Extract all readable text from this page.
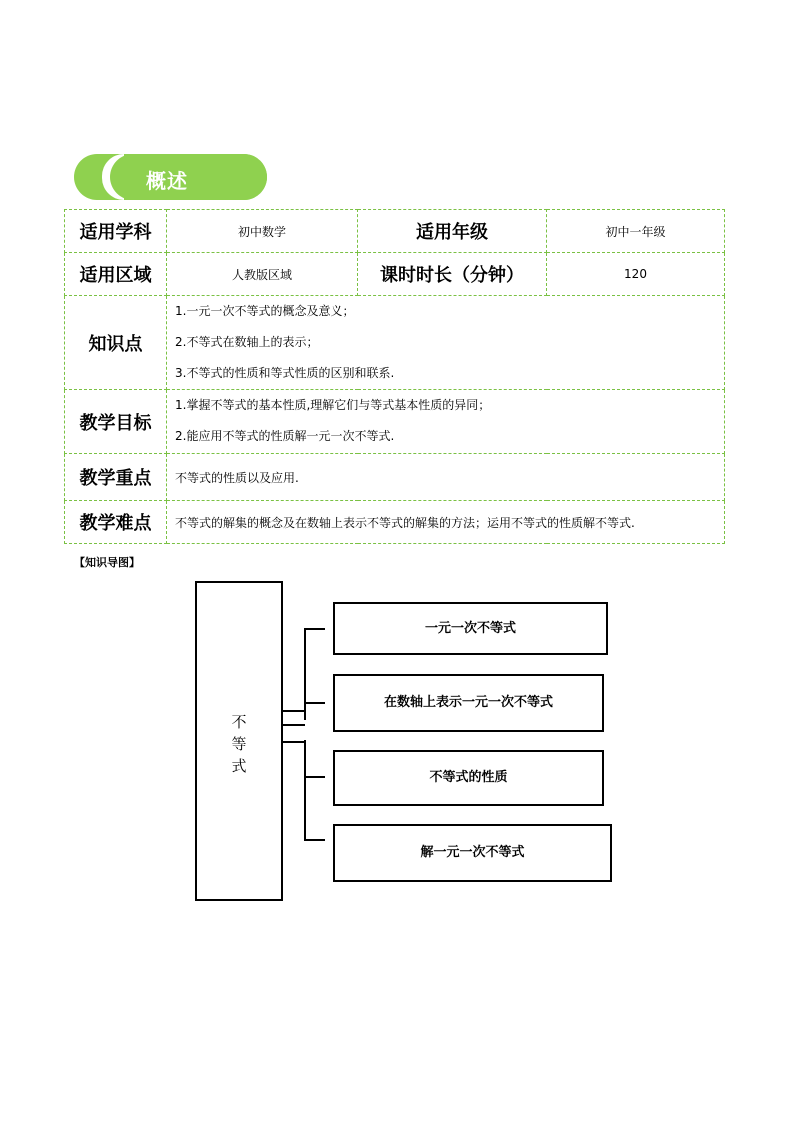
概述
适用学科	初中数学	适用年级	初中一年级
适用区域	人教版区域	课时时长（分钟）	120
知识点	1.一元一次不等式的概念及意义；

2.不等式在数轴上的表示；

3.不等式的性质和等式性质的区别和联系.		

教学目标	1.掌握不等式的基本性质,理解它们与等式基本性质的异同；

2.能应用不等式的性质解一元一次不等式.		

教学重点	不等式的性质以及应用.		
教学难点	不等式的解集的概念及在数轴上表示不等式的解集的方法；运用不等式的性质解不等式.		
【知识导图】
不
等
式
一元一次不等式
在数轴上表示一元一次不等式
不等式的性质
解一元一次不等式
